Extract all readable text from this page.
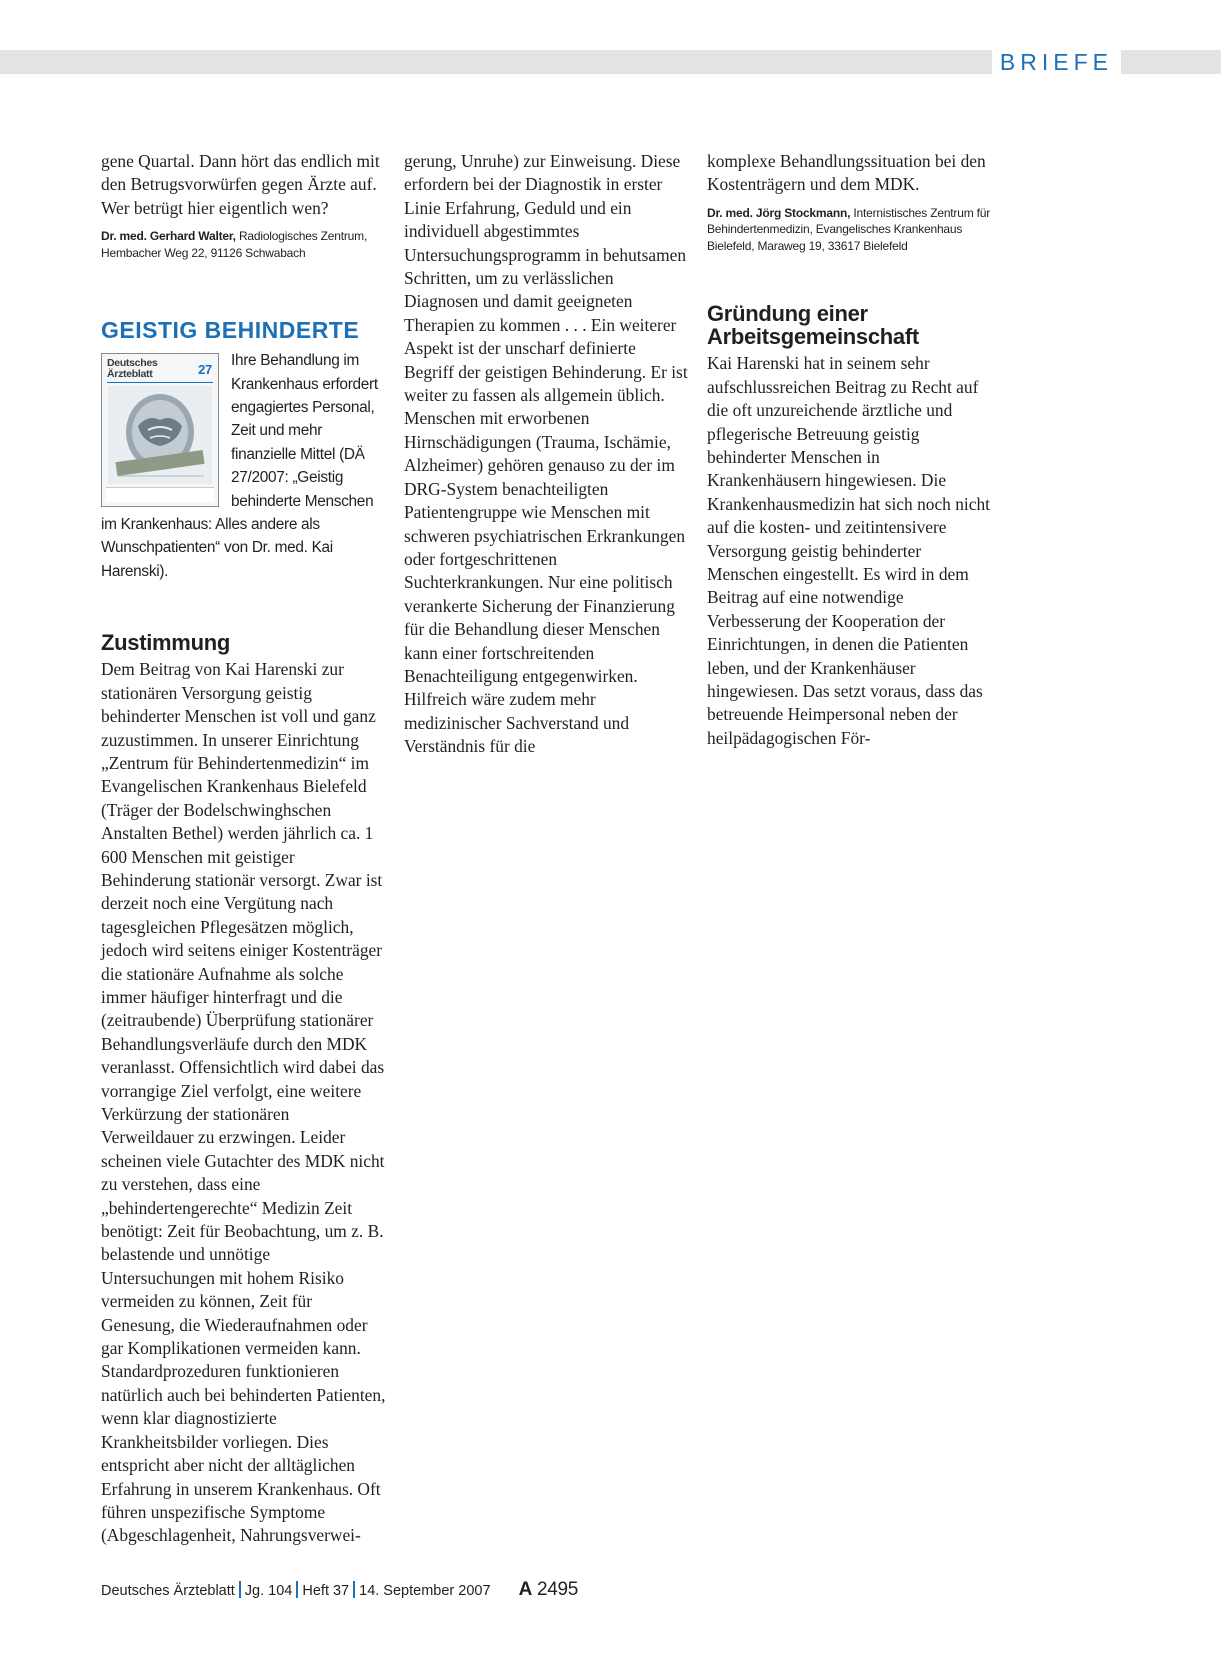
BRIEFE

gene Quartal. Dann hört das endlich mit den Betrugsvorwürfen gegen Ärzte auf. Wer betrügt hier eigentlich wen?

Dr. med. Gerhard Walter, Radiologisches Zentrum, Hembacher Weg 22, 91126 Schwabach

GEISTIG BEHINDERTE
Deutsches Ärzteblatt	27
Ihre Behandlung im Krankenhaus erfordert engagiertes Personal, Zeit und mehr finanzielle Mittel (DÄ 27/2007: „Geistig behinderte Menschen im Krankenhaus: Alles andere als Wunschpatienten“ von Dr. med. Kai Harenski).
Zustimmung

Dem Beitrag von Kai Harenski zur stationären Versorgung geistig behinderter Menschen ist voll und ganz zuzustimmen. In unserer Einrichtung „Zentrum für Behindertenmedizin“ im Evangelischen Krankenhaus Bielefeld (Träger der Bodelschwinghschen Anstalten Bethel) werden jährlich ca. 1 600 Menschen mit geistiger Behinderung stationär versorgt. Zwar ist derzeit noch eine Vergütung nach tagesgleichen Pflegesätzen möglich, jedoch wird seitens einiger Kostenträger die stationäre Aufnahme als solche immer häufiger hinterfragt und die (zeitraubende) Überprüfung stationärer Behandlungsverläufe durch den MDK veranlasst. Offensichtlich wird dabei das vorrangige Ziel verfolgt, eine weitere Verkürzung der stationären Verweildauer zu erzwingen. Leider scheinen viele Gutachter des MDK nicht zu verstehen, dass eine „behindertengerechte“ Medizin Zeit benötigt: Zeit für Beobachtung, um z. B. belastende und unnötige Untersuchungen mit hohem Risiko vermeiden zu können, Zeit für Genesung, die Wiederaufnahmen oder gar Komplikationen vermeiden kann. Standardprozeduren funktionieren natürlich auch bei behinderten Patienten, wenn klar diagnostizierte Krankheitsbilder vorliegen. Dies entspricht aber nicht der alltäglichen Erfahrung in unserem Krankenhaus. Oft führen unspezifische Symptome (Abgeschlagenheit, Nahrungsverwei-

gerung, Unruhe) zur Einweisung. Diese erfordern bei der Diagnostik in erster Linie Erfahrung, Geduld und ein individuell abgestimmtes Untersuchungsprogramm in behutsamen Schritten, um zu verlässlichen Diagnosen und damit geeigneten Therapien zu kommen . . . Ein weiterer Aspekt ist der unscharf definierte Begriff der geistigen Behinderung. Er ist weiter zu fassen als allgemein üblich. Menschen mit erworbenen Hirnschädigungen (Trauma, Ischämie, Alzheimer) gehören genauso zu der im DRG-System benachteiligten Patientengruppe wie Menschen mit schweren psychiatrischen Erkrankungen oder fortgeschrittenen Suchterkrankungen. Nur eine politisch verankerte Sicherung der Finanzierung für die Behandlung dieser Menschen kann einer fortschreitenden Benachteiligung entgegenwirken. Hilfreich wäre zudem mehr medizinischer Sachverstand und Verständnis für die

komplexe Behandlungssituation bei den Kostenträgern und dem MDK.

Dr. med. Jörg Stockmann, Internistisches Zentrum für Behindertenmedizin, Evangelisches Krankenhaus Bielefeld, Maraweg 19, 33617 Bielefeld

Gründung einer Arbeitsgemeinschaft

Kai Harenski hat in seinem sehr aufschlussreichen Beitrag zu Recht auf die oft unzureichende ärztliche und pflegerische Betreuung geistig behinderter Menschen in Krankenhäusern hingewiesen. Die Krankenhausmedizin hat sich noch nicht auf die kosten- und zeitintensivere Versorgung geistig behinderter Menschen eingestellt. Es wird in dem Beitrag auf eine notwendige Verbesserung der Kooperation der Einrichtungen, in denen die Patienten leben, und der Krankenhäuser hingewiesen. Das setzt voraus, dass das betreuende Heimpersonal neben der heilpädagogischen För-

Deutsches Ärzteblatt Jg. 104 Heft 37 14. September 2007 A 2495
